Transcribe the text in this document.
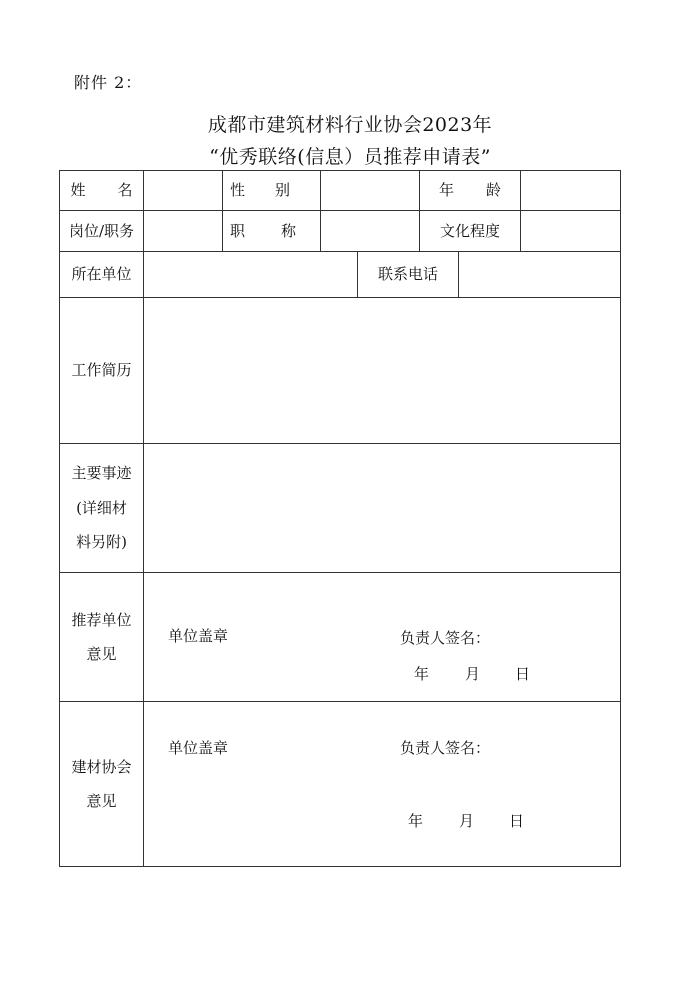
附件 2：
成都市建筑材料行业协会2023年
“优秀联络(信息）员推荐申请表”
姓 名	性 别	年 龄
岗位/职务	职 称	文化程度
所在单位	联系电话
工作简历
主要事迹
(详细材
料另附)
推荐单位
意见
单位盖章	负责人签名：
年 月 日
建材协会
意见
单位盖章	负责人签名：
年 月 日
